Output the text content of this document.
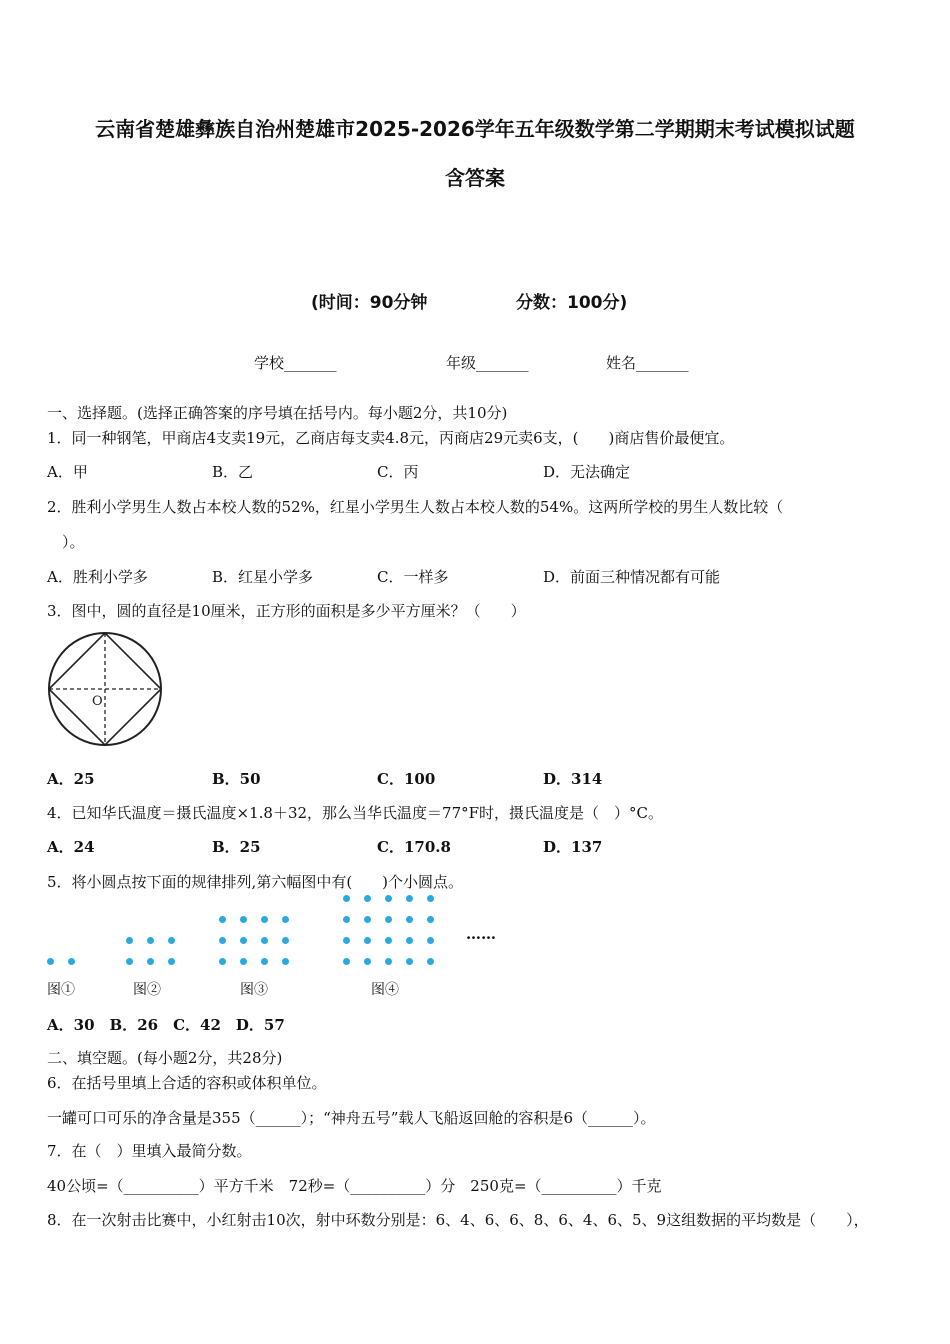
云南省楚雄彝族自治州楚雄市2025-2026学年五年级数学第二学期期末考试模拟试题
含答案
(时间：90分钟	分数：100分)
学校_______	年级_______	姓名_______
一、选择题。(选择正确答案的序号填在括号内。每小题2分，共10分)
1．同一种钢笔，甲商店4支卖19元，乙商店每支卖4.8元，丙商店29元卖6支，(　　)商店售价最便宜。
A．甲	B．乙	C．丙	D．无法确定
2．胜利小学男生人数占本校人数的52%，红星小学男生人数占本校人数的54%。这两所学校的男生人数比较（
）。
A．胜利小学多	B．红星小学多	C．一样多	D．前面三种情况都有可能
3．图中，圆的直径是10厘米，正方形的面积是多少平方厘米？（　　）
O
A．25	B．50	C．100	D．314
4．已知华氏温度＝摄氏温度×1.8＋32，那么当华氏温度＝77°F时，摄氏温度是（　）°C。
A．24	B．25	C．170.8	D．137
5．将小圆点按下面的规律排列,第六幅图中有(　　)个小圆点。
……
图①	图②	图③	图④
A．30　B．26　C．42　D．57
二、填空题。(每小题2分，共28分)
6．在括号里填上合适的容积或体积单位。
一罐可口可乐的净含量是355（______）；“神舟五号”载人飞船返回舱的容积是6（______）。
7．在（　）里填入最简分数。
40公顷=（__________）平方千米　72秒=（__________）分　250克=（__________）千克
8．在一次射击比赛中，小红射击10次，射中环数分别是：6、4、6、6、8、6、4、6、5、9这组数据的平均数是（　　），
